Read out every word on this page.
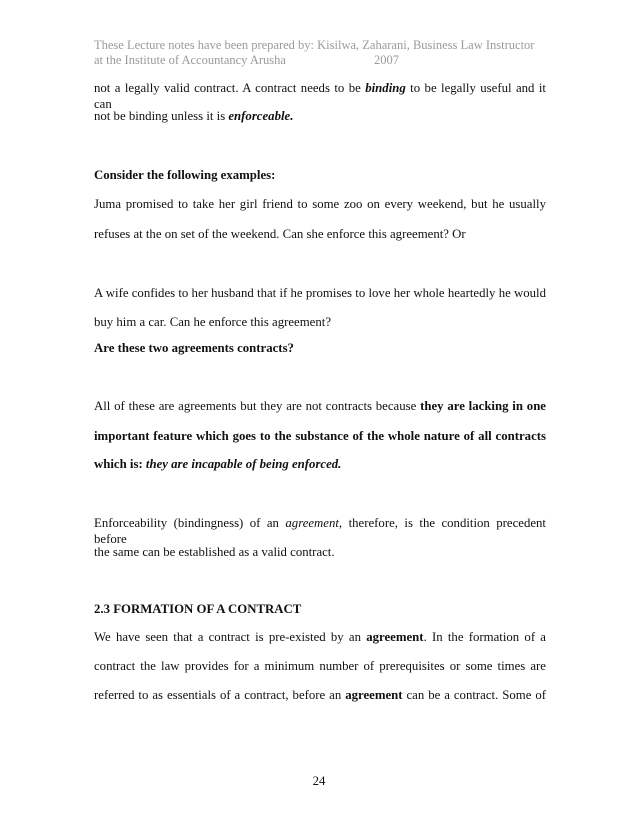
These Lecture notes have been prepared by: Kisilwa, Zaharani, Business Law Instructor
at the Institute of Accountancy Arusha	2007
not a legally valid contract. A contract needs to be binding to be legally useful and it can
not be binding unless it is enforceable.
Consider the following examples:
Juma promised to take her girl friend to some zoo on every weekend, but he usually
refuses at the on set of the weekend. Can she enforce this agreement? Or
A wife confides to her husband that if he promises to love her whole heartedly he would
buy him a car. Can he enforce this agreement?
Are these two agreements contracts?
All of these are agreements but they are not contracts because they are lacking in one
important feature which goes to the substance of the whole nature of all contracts
which is: they are incapable of being enforced.
Enforceability (bindingness) of an agreement, therefore, is the condition precedent before
the same can be established as a valid contract.
2.3 FORMATION OF A CONTRACT
We have seen that a contract is pre-existed by an agreement. In the formation of a
contract the law provides for a minimum number of prerequisites or some times are
referred to as essentials of a contract, before an agreement can be a contract. Some of
24
